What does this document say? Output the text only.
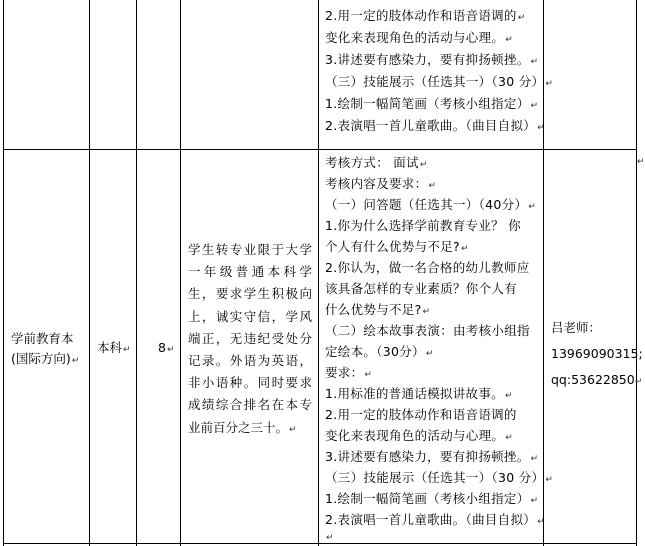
2.用一定的肢体动作和语音语调的↵
变化来表现角色的活动与心理。↵
3.讲述要有感染力，要有抑扬顿挫。↵
（三）技能展示（任选其一）（30 分）↵
1.绘制一幅简笔画（考核小组指定）↵
2.表演唱一首儿童歌曲。（曲目自拟）↵
学前教育本
(国际方向)↵
本科↵ 8↵
学生转专业限于大学一年级普通本科学生，要求学生积极向上，诚实守信，学风端正，无违纪受处分记录。外语为英语，非小语种。同时要求成绩综合排名在本专业前百分之三十。↵
考核方式： 面试↵
考核内容及要求：↵
（一）问答题（任选其一）（40分）↵
1.你为什么选择学前教育专业？ 你
个人有什么优势与不足?↵
2.你认为，做一名合格的幼儿教师应
该具备怎样的专业素质？你个人有
什么优势与不足?↵
（二）绘本故事表演：由考核小组指
定绘本。（30分）↵
要求：↵
1.用标准的普通话模拟讲故事。↵
2.用一定的肢体动作和语音语调的
变化来表现角色的活动与心理。↵
3.讲述要有感染力，要有抑扬顿挫。↵
（三）技能展示（任选其一）（30 分）↵
1.绘制一幅简笔画（考核小组指定）↵
2.表演唱一首儿童歌曲。（曲目自拟）↵
↵
吕老师：
13969090315;
qq:53622850↵
↵
